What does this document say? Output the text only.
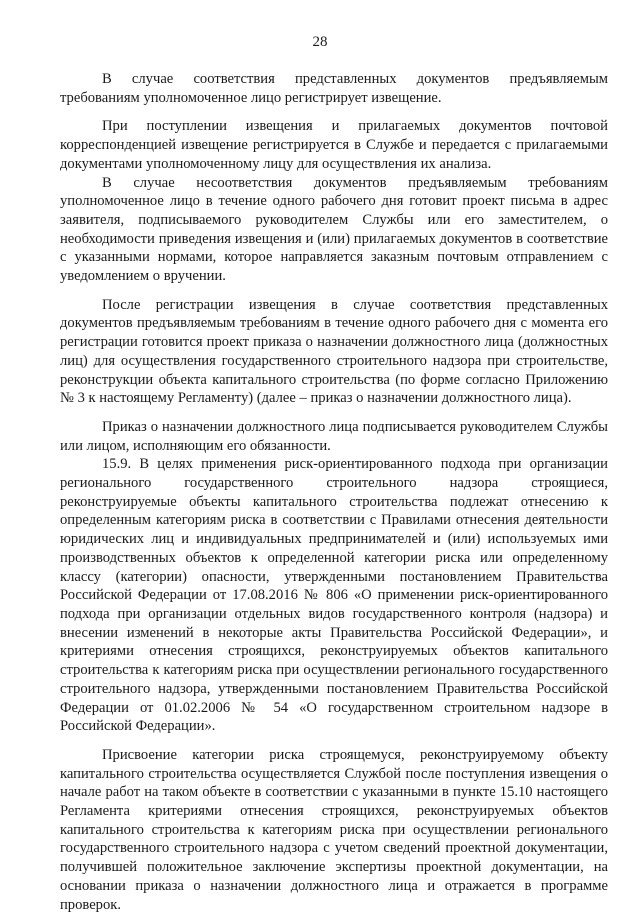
28

В случае соответствия представленных документов предъявляемым требованиям уполномоченное лицо регистрирует извещение.

При поступлении извещения и прилагаемых документов почтовой корреспонденцией извещение регистрируется в Службе и передается с прилагаемыми документами уполномоченному лицу для осуществления их анализа.

В случае несоответствия документов предъявляемым требованиям уполномоченное лицо в течение одного рабочего дня готовит проект письма в адрес заявителя, подписываемого руководителем Службы или его заместителем, о необходимости приведения извещения и (или) прилагаемых документов в соответствие с указанными нормами, которое направляется заказным почтовым отправлением с уведомлением о вручении.

После регистрации извещения в случае соответствия представленных документов предъявляемым требованиям в течение одного рабочего дня с момента его регистрации готовится проект приказа о назначении должностного лица (должностных лиц) для осуществления государственного строительного надзора при строительстве, реконструкции объекта капитального строительства (по форме согласно Приложению № 3 к настоящему Регламенту) (далее – приказ о назначении должностного лица).

Приказ о назначении должностного лица подписывается руководителем Службы или лицом, исполняющим его обязанности.

15.9. В целях применения риск-ориентированного подхода при организации регионального государственного строительного надзора строящиеся, реконструируемые объекты капитального строительства подлежат отнесению к определенным категориям риска в соответствии с Правилами отнесения деятельности юридических лиц и индивидуальных предпринимателей и (или) используемых ими производственных объектов к определенной категории риска или определенному классу (категории) опасности, утвержденными постановлением Правительства Российской Федерации от 17.08.2016 № 806 «О применении риск-ориентированного подхода при организации отдельных видов государственного контроля (надзора) и внесении изменений в некоторые акты Правительства Российской Федерации», и критериями отнесения строящихся, реконструируемых объектов капитального строительства к категориям риска при осуществлении регионального государственного строительного надзора, утвержденными постановлением Правительства Российской Федерации от 01.02.2006 № 54 «О государственном строительном надзоре в Российской Федерации».

Присвоение категории риска строящемуся, реконструируемому объекту капитального строительства осуществляется Службой после поступления извещения о начале работ на таком объекте в соответствии с указанными в пункте 15.10 настоящего Регламента критериями отнесения строящихся, реконструируемых объектов капитального строительства к категориям риска при осуществлении регионального государственного строительного надзора с учетом сведений проектной документации, получившей положительное заключение экспертизы проектной документации, на основании приказа о назначении должностного лица и отражается в программе проверок.
